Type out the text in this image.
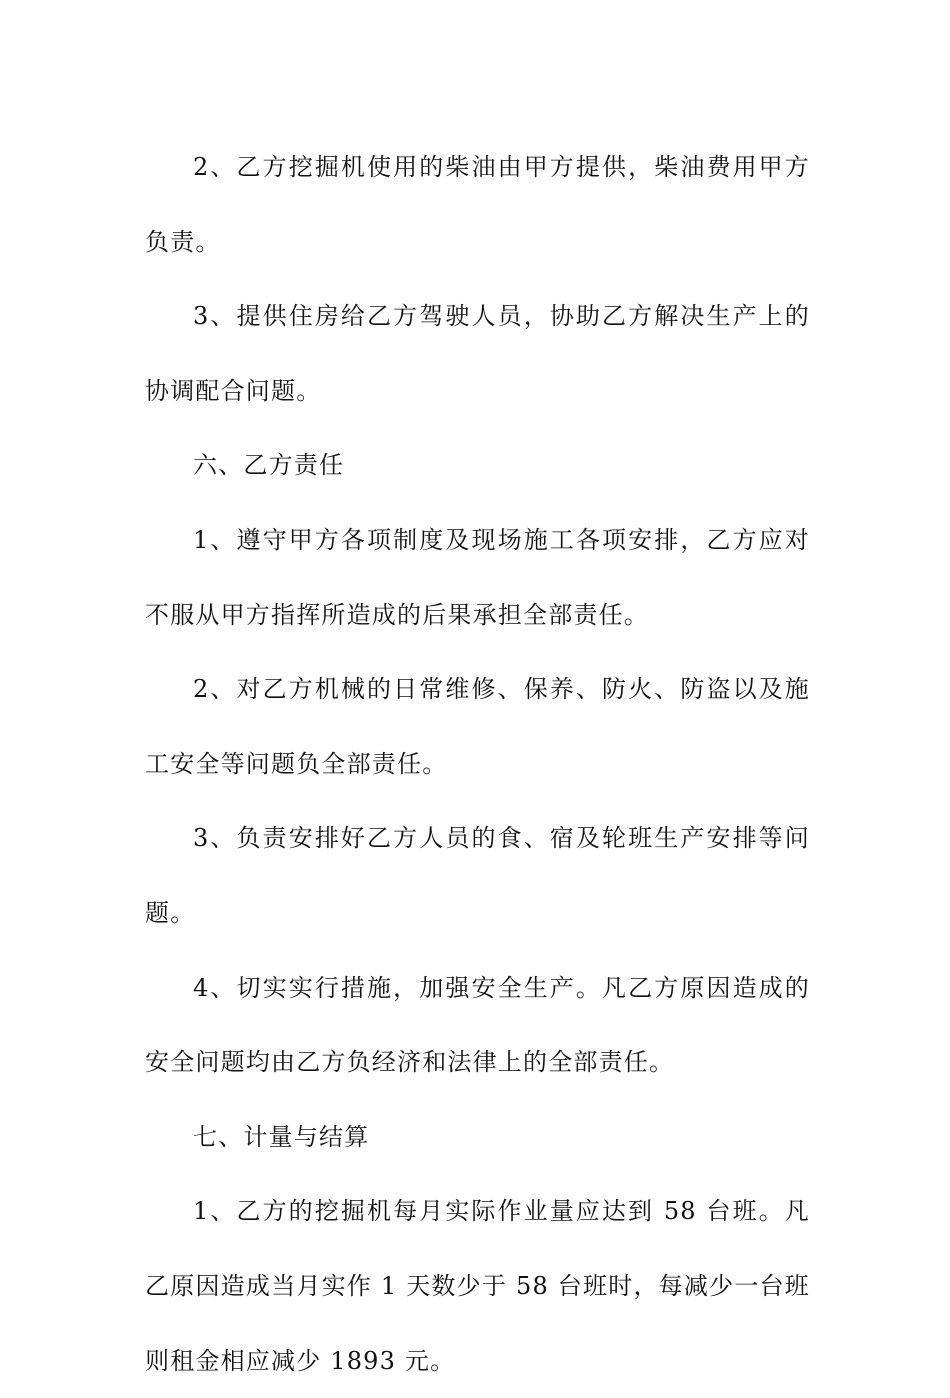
2、乙方挖掘机使用的柴油由甲方提供，柴油费用甲方负责。

3、提供住房给乙方驾驶人员，协助乙方解决生产上的协调配合问题。

六、乙方责任

1、遵守甲方各项制度及现场施工各项安排，乙方应对不服从甲方指挥所造成的后果承担全部责任。

2、对乙方机械的日常维修、保养、防火、防盗以及施工安全等问题负全部责任。

3、负责安排好乙方人员的食、宿及轮班生产安排等问题。

4、切实实行措施，加强安全生产。凡乙方原因造成的安全问题均由乙方负经济和法律上的全部责任。

七、计量与结算

1、乙方的挖掘机每月实际作业量应达到 58 台班。凡乙原因造成当月实作 1 天数少于 58 台班时，每减少一台班则租金相应减少 1893 元。
